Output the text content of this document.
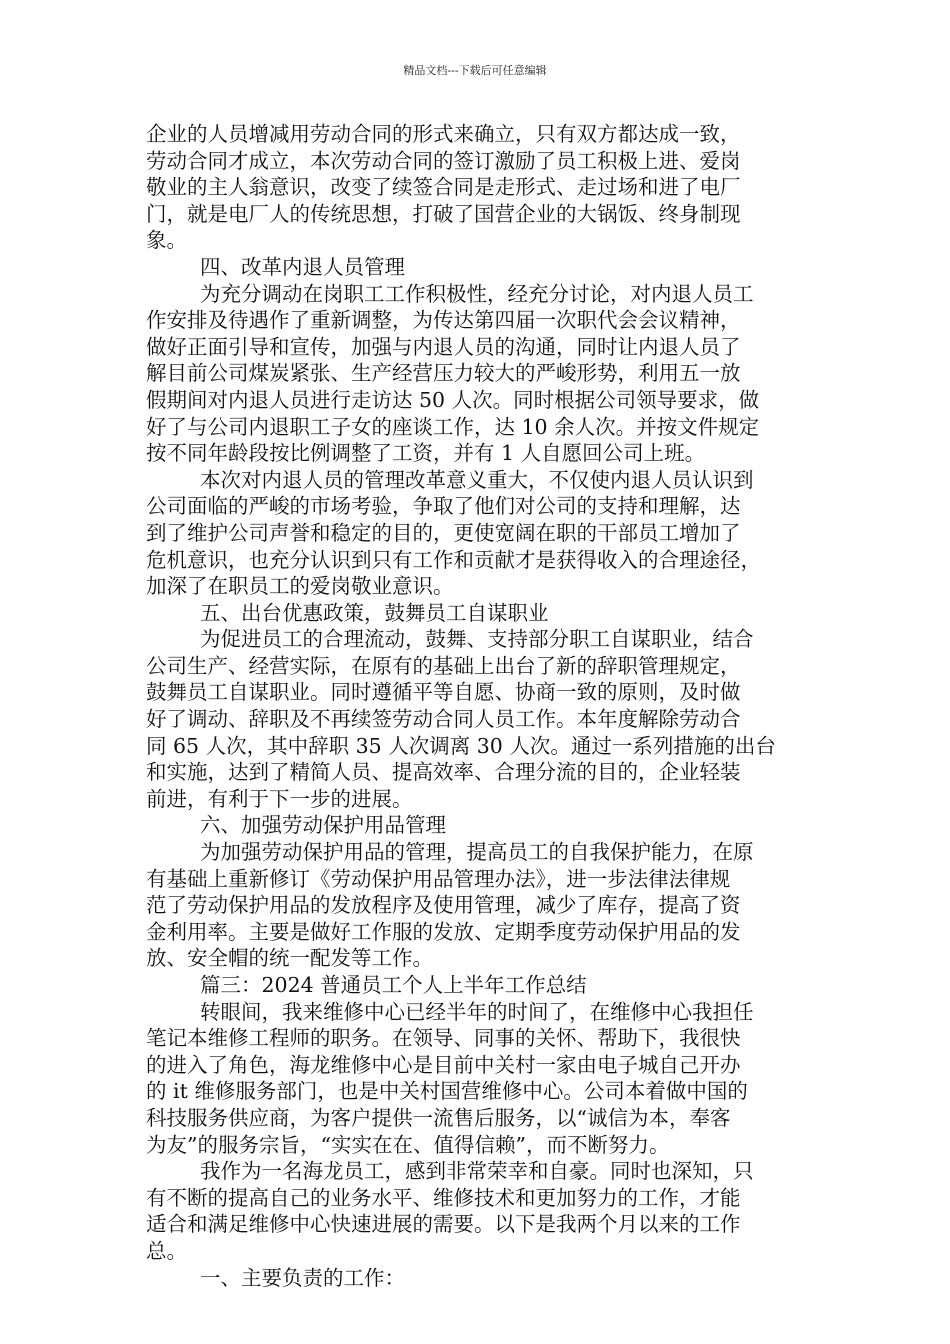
精品文档---下载后可任意编辑
企业的人员增减用劳动合同的形式来确立，只有双方都达成一致，
劳动合同才成立，本次劳动合同的签订激励了员工积极上进、爱岗
敬业的主人翁意识，改变了续签合同是走形式、走过场和进了电厂
门，就是电厂人的传统思想，打破了国营企业的大锅饭、终身制现
象。
四、改革内退人员管理
为充分调动在岗职工工作积极性，经充分讨论，对内退人员工
作安排及待遇作了重新调整，为传达第四届一次职代会会议精神，
做好正面引导和宣传，加强与内退人员的沟通，同时让内退人员了
解目前公司煤炭紧张、生产经营压力较大的严峻形势，利用五一放
假期间对内退人员进行走访达 50 人次。同时根据公司领导要求，做
好了与公司内退职工子女的座谈工作，达 10 余人次。并按文件规定
按不同年龄段按比例调整了工资，并有 1 人自愿回公司上班。
本次对内退人员的管理改革意义重大，不仅使内退人员认识到
公司面临的严峻的市场考验，争取了他们对公司的支持和理解，达
到了维护公司声誉和稳定的目的，更使宽阔在职的干部员工增加了
危机意识，也充分认识到只有工作和贡献才是获得收入的合理途径，
加深了在职员工的爱岗敬业意识。
五、出台优惠政策，鼓舞员工自谋职业
为促进员工的合理流动，鼓舞、支持部分职工自谋职业，结合
公司生产、经营实际，在原有的基础上出台了新的辞职管理规定，
鼓舞员工自谋职业。同时遵循平等自愿、协商一致的原则，及时做
好了调动、辞职及不再续签劳动合同人员工作。本年度解除劳动合
同 65 人次，其中辞职 35 人次调离 30 人次。通过一系列措施的出台
和实施，达到了精简人员、提高效率、合理分流的目的，企业轻装
前进，有利于下一步的进展。
六、加强劳动保护用品管理
为加强劳动保护用品的管理，提高员工的自我保护能力，在原
有基础上重新修订《劳动保护用品管理办法》，进一步法律法律规
范了劳动保护用品的发放程序及使用管理，减少了库存，提高了资
金利用率。主要是做好工作服的发放、定期季度劳动保护用品的发
放、安全帽的统一配发等工作。
篇三：2024 普通员工个人上半年工作总结
转眼间，我来维修中心已经半年的时间了，在维修中心我担任
笔记本维修工程师的职务。在领导、同事的关怀、帮助下，我很快
的进入了角色，海龙维修中心是目前中关村一家由电子城自己开办
的 it 维修服务部门，也是中关村国营维修中心。公司本着做中国的
科技服务供应商，为客户提供一流售后服务，以“诚信为本，奉客
为友”的服务宗旨，“实实在在、值得信赖”，而不断努力。
我作为一名海龙员工，感到非常荣幸和自豪。同时也深知，只
有不断的提高自己的业务水平、维修技术和更加努力的工作，才能
适合和满足维修中心快速进展的需要。以下是我两个月以来的工作
总。
一、主要负责的工作：
